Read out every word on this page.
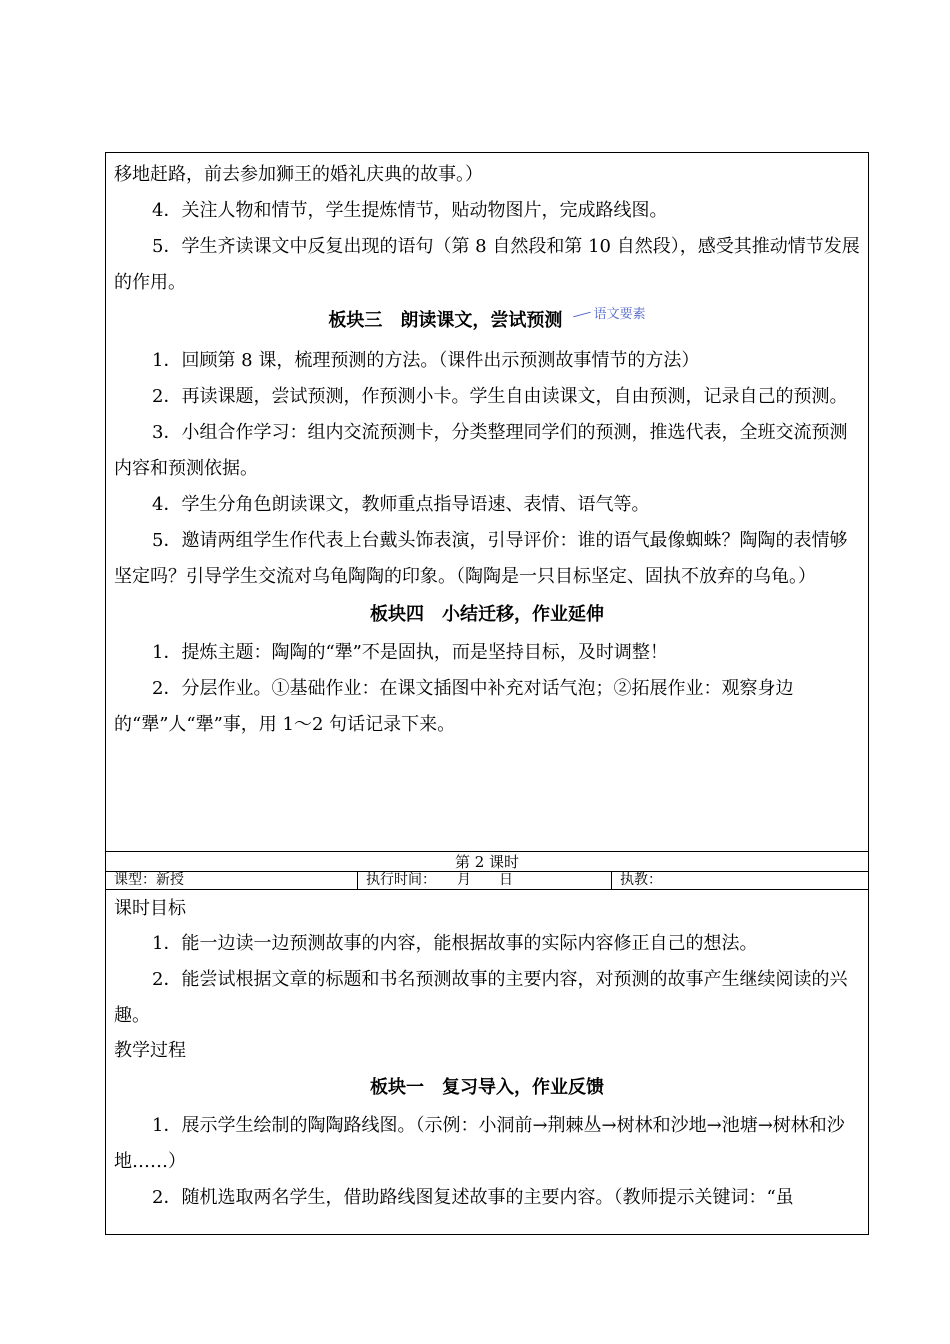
移地赶路，前去参加狮王的婚礼庆典的故事。）
4．关注人物和情节，学生提炼情节，贴动物图片，完成路线图。
5．学生齐读课文中反复出现的语句（第 8 自然段和第 10 自然段），感受其推动情节发展的作用。
板块三　朗读课文，尝试预测 语文要素
1．回顾第 8 课，梳理预测的方法。（课件出示预测故事情节的方法）
2．再读课题，尝试预测，作预测小卡。学生自由读课文，自由预测，记录自己的预测。
3．小组合作学习：组内交流预测卡，分类整理同学们的预测，推选代表，全班交流预测内容和预测依据。
4．学生分角色朗读课文，教师重点指导语速、表情、语气等。
5．邀请两组学生作代表上台戴头饰表演，引导评价：谁的语气最像蜘蛛？陶陶的表情够坚定吗？引导学生交流对乌龟陶陶的印象。（陶陶是一只目标坚定、固执不放弃的乌龟。）
板块四　小结迁移，作业延伸
1．提炼主题：陶陶的“犟”不是固执，而是坚持目标，及时调整！
2．分层作业。①基础作业：在课文插图中补充对话气泡；②拓展作业：观察身边的“犟”人“犟”事，用 1～2 句话记录下来。
第 2 课时
课型：新授	执行时间：　　月　　日	执教：
课时目标
1．能一边读一边预测故事的内容，能根据故事的实际内容修正自己的想法。
2．能尝试根据文章的标题和书名预测故事的主要内容，对预测的故事产生继续阅读的兴趣。
教学过程
板块一　复习导入，作业反馈
1．展示学生绘制的陶陶路线图。（示例：小洞前→荆棘丛→树林和沙地→池塘→树林和沙地……）
2．随机选取两名学生，借助路线图复述故事的主要内容。（教师提示关键词：“虽
